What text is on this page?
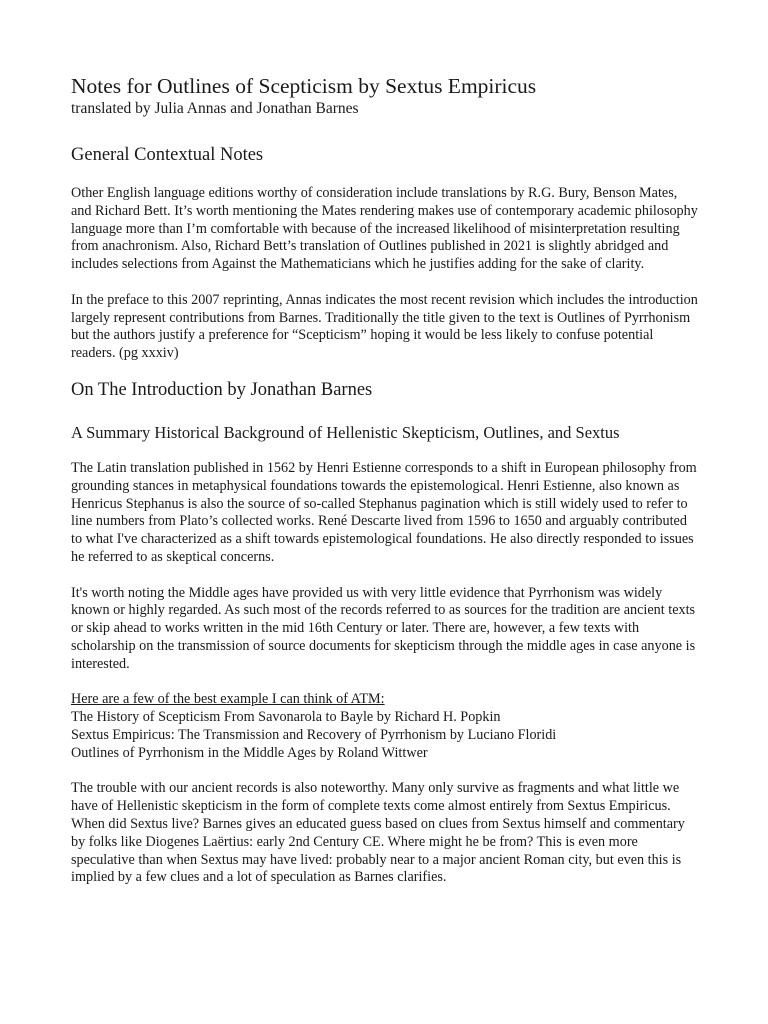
Notes for Outlines of Scepticism by Sextus Empiricus
translated by Julia Annas and Jonathan Barnes
General Contextual Notes

Other English language editions worthy of consideration include translations by R.G. Bury, Benson Mates, and Richard Bett. It’s worth mentioning the Mates rendering makes use of contemporary academic philosophy language more than I’m comfortable with because of the increased likelihood of misinterpretation resulting from anachronism. Also, Richard Bett’s translation of Outlines published in 2021 is slightly abridged and includes selections from Against the Mathematicians which he justifies adding for the sake of clarity.

In the preface to this 2007 reprinting, Annas indicates the most recent revision which includes the introduction largely represent contributions from Barnes. Traditionally the title given to the text is Outlines of Pyrrhonism but the authors justify a preference for “Scepticism” hoping it would be less likely to confuse potential readers. (pg xxxiv)

On The Introduction by Jonathan Barnes
A Summary Historical Background of Hellenistic Skepticism, Outlines, and Sextus

The Latin translation published in 1562 by Henri Estienne corresponds to a shift in European philosophy from grounding stances in metaphysical foundations towards the epistemological. Henri Estienne, also known as Henricus Stephanus is also the source of so-called Stephanus pagination which is still widely used to refer to line numbers from Plato’s collected works. René Descarte lived from 1596 to 1650 and arguably contributed to what I've characterized as a shift towards epistemological foundations. He also directly responded to issues he referred to as skeptical concerns.

It's worth noting the Middle ages have provided us with very little evidence that Pyrrhonism was widely known or highly regarded. As such most of the records referred to as sources for the tradition are ancient texts or skip ahead to works written in the mid 16th Century or later. There are, however, a few texts with scholarship on the transmission of source documents for skepticism through the middle ages in case anyone is interested.

Here are a few of the best example I can think of ATM:
The History of Scepticism From Savonarola to Bayle by Richard H. Popkin
Sextus Empiricus: The Transmission and Recovery of Pyrrhonism by Luciano Floridi
Outlines of Pyrrhonism in the Middle Ages by Roland Wittwer

The trouble with our ancient records is also noteworthy. Many only survive as fragments and what little we have of Hellenistic skepticism in the form of complete texts come almost entirely from Sextus Empiricus. When did Sextus live? Barnes gives an educated guess based on clues from Sextus himself and commentary by folks like Diogenes Laërtius: early 2nd Century CE. Where might he be from? This is even more speculative than when Sextus may have lived: probably near to a major ancient Roman city, but even this is implied by a few clues and a lot of speculation as Barnes clarifies.
